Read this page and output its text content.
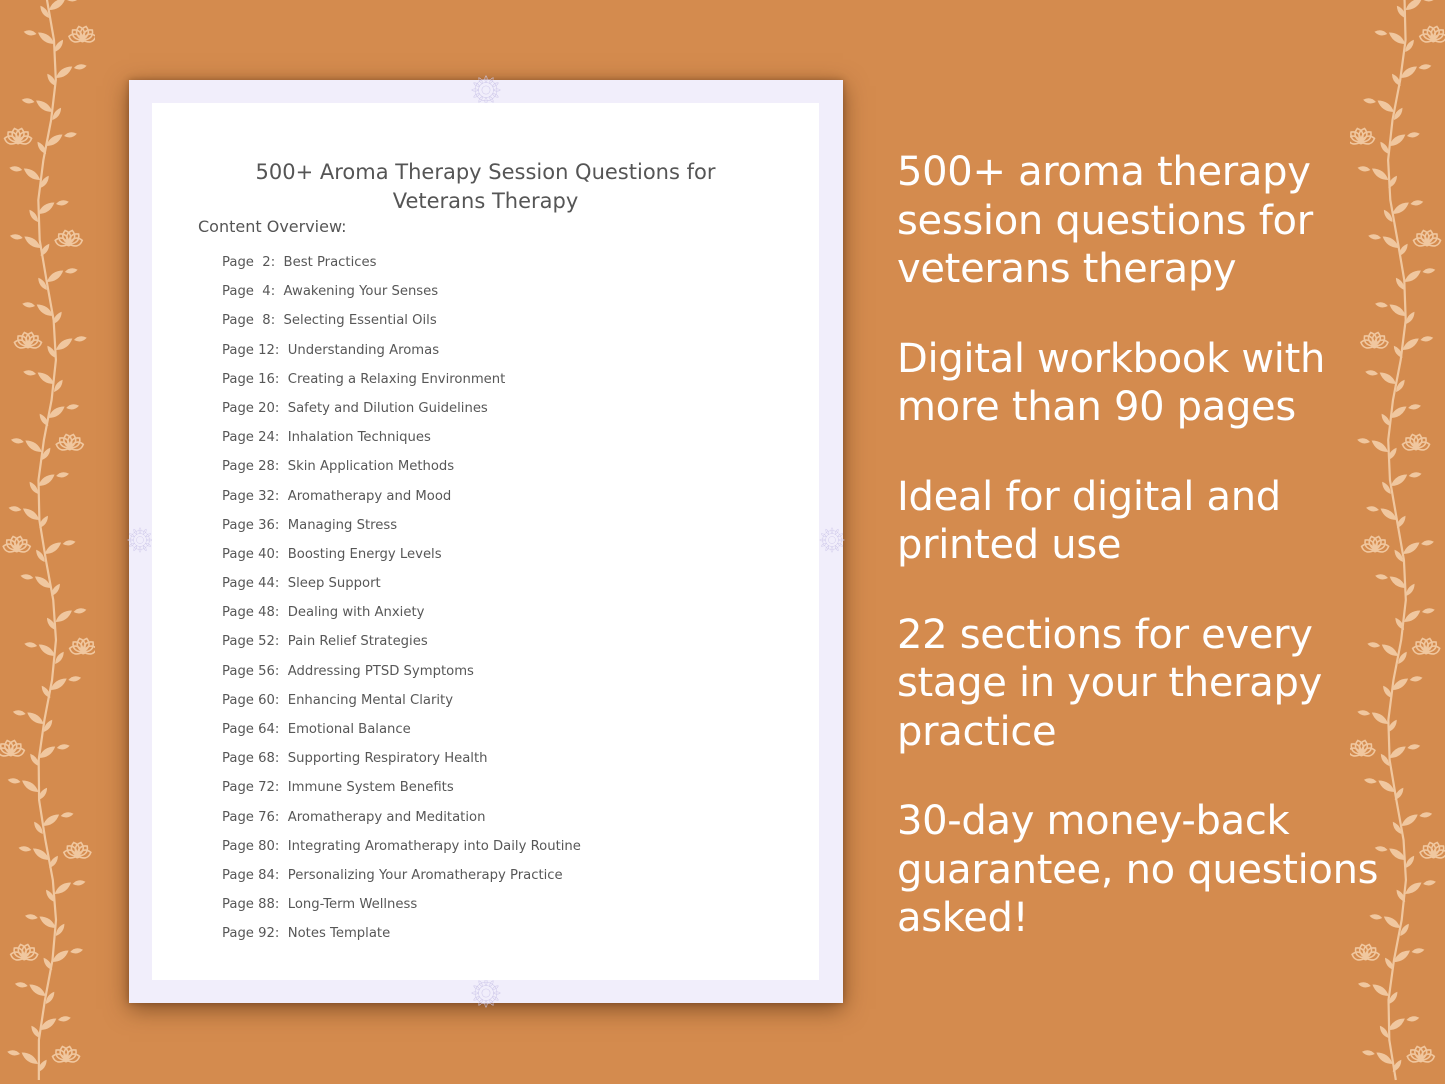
500+ Aroma Therapy Session Questions for
Veterans Therapy
Content Overview:
Page  2: Best Practices
Page  4: Awakening Your Senses
Page  8: Selecting Essential Oils
Page 12: Understanding Aromas
Page 16: Creating a Relaxing Environment
Page 20: Safety and Dilution Guidelines
Page 24: Inhalation Techniques
Page 28: Skin Application Methods
Page 32: Aromatherapy and Mood
Page 36: Managing Stress
Page 40: Boosting Energy Levels
Page 44: Sleep Support
Page 48: Dealing with Anxiety
Page 52: Pain Relief Strategies
Page 56: Addressing PTSD Symptoms
Page 60: Enhancing Mental Clarity
Page 64: Emotional Balance
Page 68: Supporting Respiratory Health
Page 72: Immune System Benefits
Page 76: Aromatherapy and Meditation
Page 80: Integrating Aromatherapy into Daily Routine
Page 84: Personalizing Your Aromatherapy Practice
Page 88: Long-Term Wellness
Page 92: Notes Template

500+ aroma therapy session questions for veterans therapy

Digital workbook with more than 90 pages

Ideal for digital and printed use

22 sections for every stage in your therapy practice

30-day money-back guarantee, no questions asked!
